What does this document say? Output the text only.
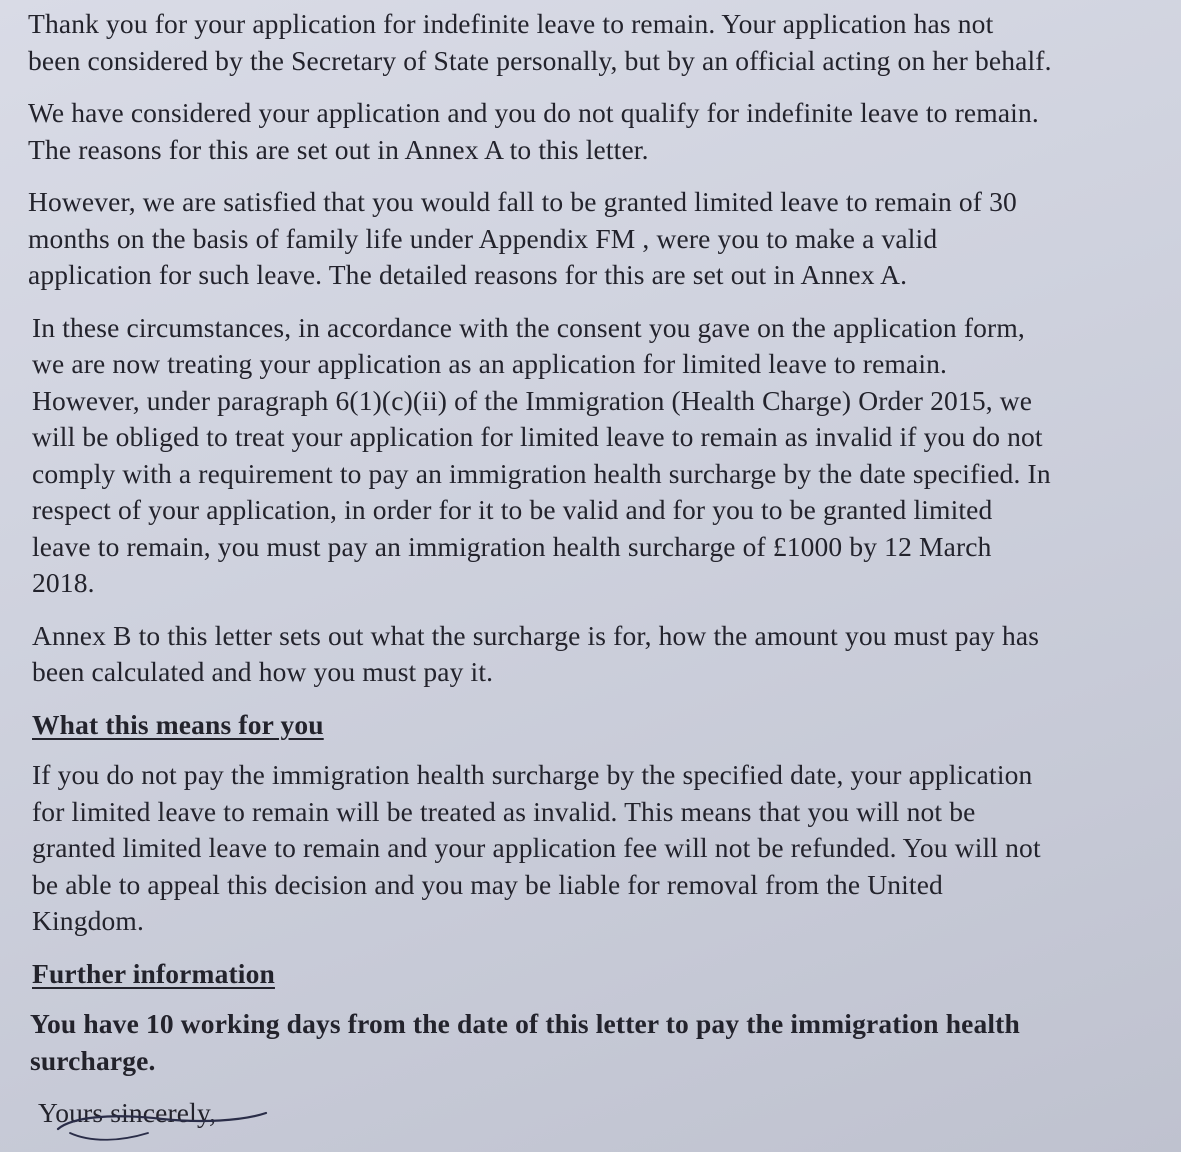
Thank you for your application for indefinite leave to remain. Your application has not
been considered by the Secretary of State personally, but by an official acting on her behalf.

We have considered your application and you do not qualify for indefinite leave to remain.
The reasons for this are set out in Annex A to this letter.

However, we are satisfied that you would fall to be granted limited leave to remain of 30
months on the basis of family life under Appendix FM , were you to make a valid
application for such leave. The detailed reasons for this are set out in Annex A.

In these circumstances, in accordance with the consent you gave on the application form,
we are now treating your application as an application for limited leave to remain.
However, under paragraph 6(1)(c)(ii) of the Immigration (Health Charge) Order 2015, we
will be obliged to treat your application for limited leave to remain as invalid if you do not
comply with a requirement to pay an immigration health surcharge by the date specified. In
respect of your application, in order for it to be valid and for you to be granted limited
leave to remain, you must pay an immigration health surcharge of £1000 by 12 March
2018.

Annex B to this letter sets out what the surcharge is for, how the amount you must pay has
been calculated and how you must pay it.

What this means for you

If you do not pay the immigration health surcharge by the specified date, your application
for limited leave to remain will be treated as invalid. This means that you will not be
granted limited leave to remain and your application fee will not be refunded. You will not
be able to appeal this decision and you may be liable for removal from the United
Kingdom.

Further information

You have 10 working days from the date of this letter to pay the immigration health
surcharge.

Yours sincerely,
